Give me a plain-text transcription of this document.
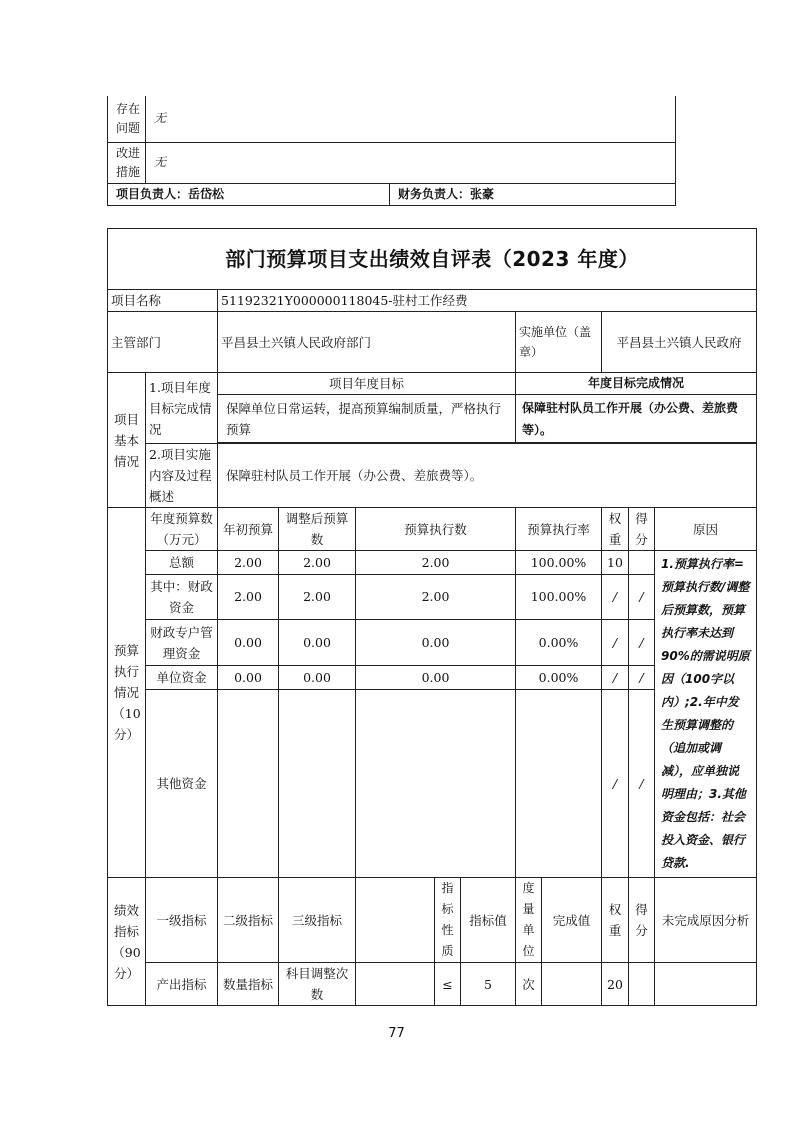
存在问题	无	
改进措施	无	
项目负责人：岳岱松		财务负责人：张豪
部门预算项目支出绩效自评表（2023 年度）											
项目名称		51192321Y000000118045-驻村工作经费									
主管部门		平昌县土兴镇人民政府部门					实施单位（盖章）		平昌县土兴镇人民政府		
项目基本情况	1.项目年度目标完成情况	项目年度目标					年度目标完成情况				
		保障单位日常运转，提高预算编制质量，严格执行预算					保障驻村队员工作开展（办公费、差旅费等）。				

	2.项目实施内容及过程概述	保障驻村队员工作开展（办公费、差旅费等）。									
预算执行情况（10分）	年度预算数（万元）	年初预算	调整后预算数	预算执行数			预算执行率		权重	得分	原因
	总额	2.00	2.00	2.00			100.00%		10		1.预算执行率=预算执行数/调整后预算数，预算执行率未达到90%的需说明原因（100字以内）;2.年中发生预算调整的（追加或调减），应单独说明理由；3.其他资金包括：社会投入资金、银行贷款.
	其中：财政资金	2.00	2.00	2.00			100.00%		/	/	
	财政专户管理资金	0.00	0.00	0.00			0.00%		/	/	
	单位资金	0.00	0.00	0.00			0.00%		/	/	
	其他资金								/	/	
绩效指标（90分）	一级指标	二级指标	三级指标		指标性质	指标值	度量单位	完成值	权重	得分	未完成原因分析
	产出指标	数量指标	科目调整次数		≤	5	次		20		
77
